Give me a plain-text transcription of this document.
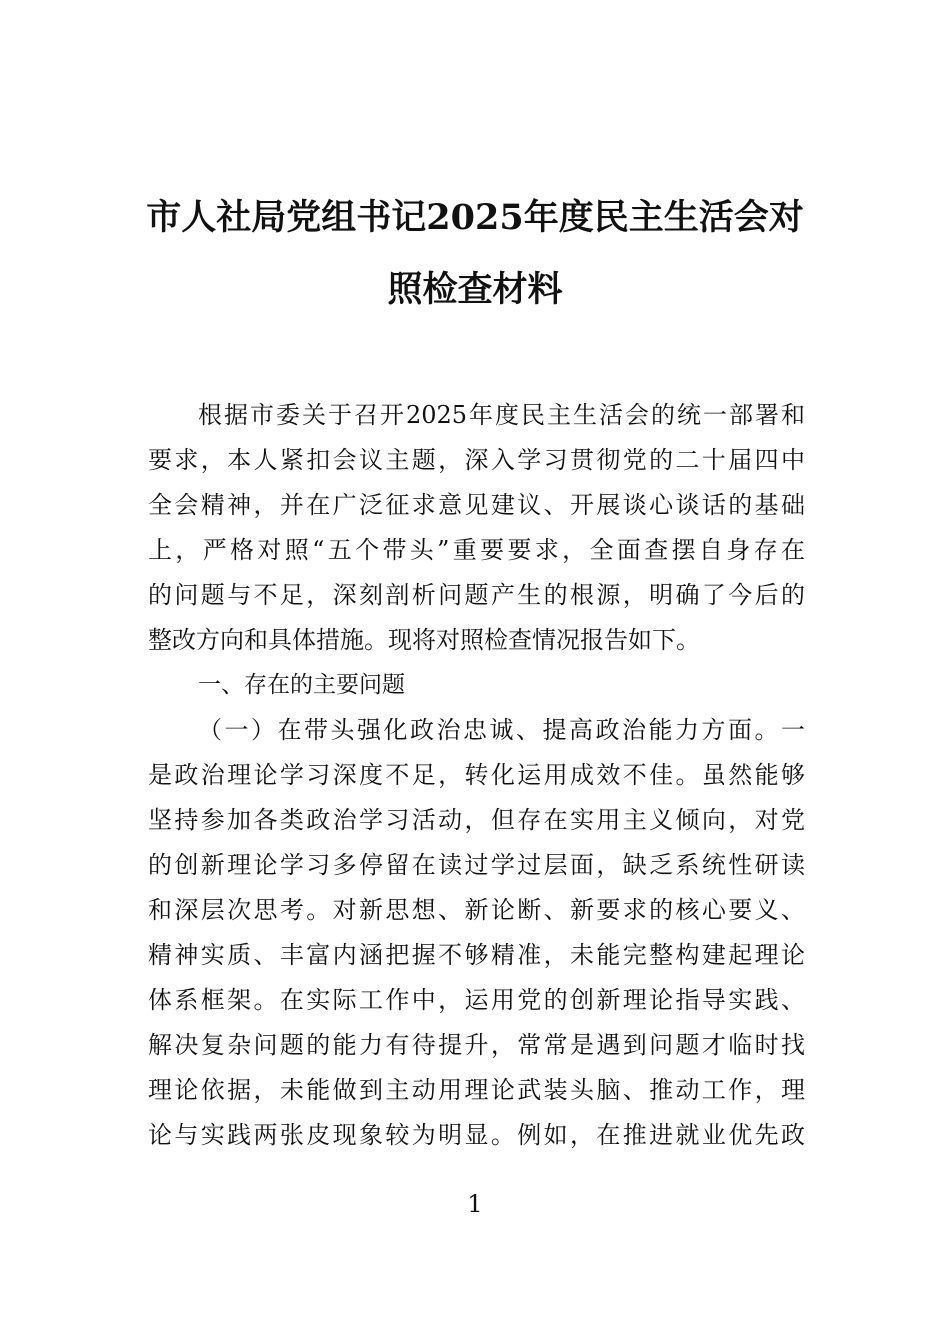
市人社局党组书记2025年度民主生活会对
照检查材料
根据市委关于召开2025年度民主生活会的统一部署和
要求，本人紧扣会议主题，深入学习贯彻党的二十届四中
全会精神，并在广泛征求意见建议、开展谈心谈话的基础
上，严格对照“五个带头”重要要求，全面查摆自身存在
的问题与不足，深刻剖析问题产生的根源，明确了今后的
整改方向和具体措施。现将对照检查情况报告如下。
一、存在的主要问题
（一）在带头强化政治忠诚、提高政治能力方面。一
是政治理论学习深度不足，转化运用成效不佳。虽然能够
坚持参加各类政治学习活动，但存在实用主义倾向，对党
的创新理论学习多停留在读过学过层面，缺乏系统性研读
和深层次思考。对新思想、新论断、新要求的核心要义、
精神实质、丰富内涵把握不够精准，未能完整构建起理论
体系框架。在实际工作中，运用党的创新理论指导实践、
解决复杂问题的能力有待提升，常常是遇到问题才临时找
理论依据，未能做到主动用理论武装头脑、推动工作，理
论与实践两张皮现象较为明显。例如，在推进就业优先政
1
